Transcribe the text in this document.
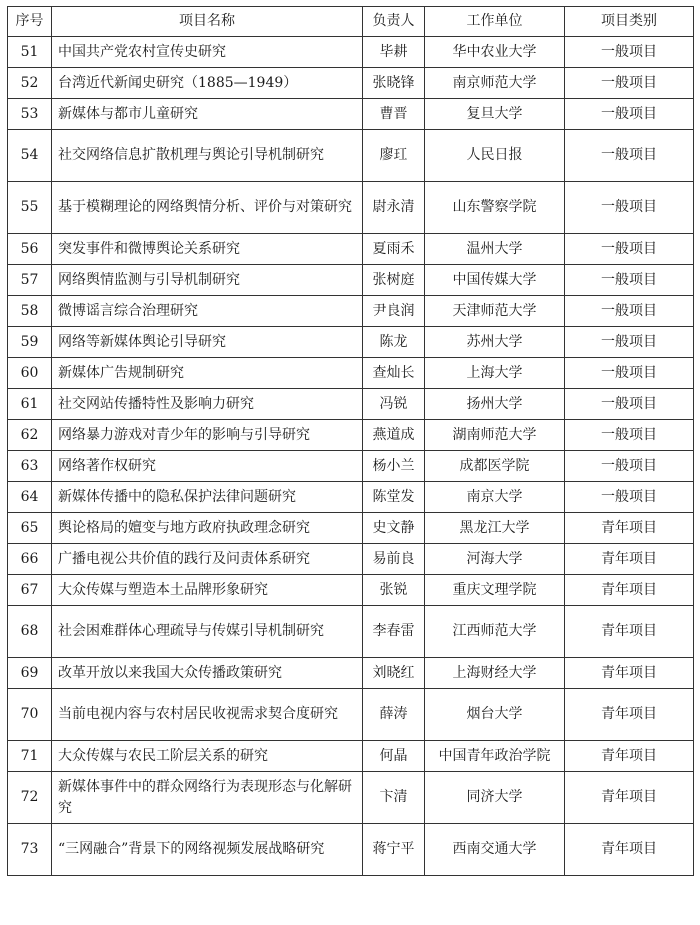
序号	项目名称	负责人	工作单位	项目类别
51	中国共产党农村宣传史研究	毕耕	华中农业大学	一般项目
52	台湾近代新闻史研究（1885—1949）	张晓锋	南京师范大学	一般项目
53	新媒体与都市儿童研究	曹晋	复旦大学	一般项目
54	社交网络信息扩散机理与舆论引导机制研究	廖玒	人民日报	一般项目
55	基于模糊理论的网络舆情分析、评价与对策研究	尉永清	山东警察学院	一般项目
56	突发事件和微博舆论关系研究	夏雨禾	温州大学	一般项目
57	网络舆情监测与引导机制研究	张树庭	中国传媒大学	一般项目
58	微博谣言综合治理研究	尹良润	天津师范大学	一般项目
59	网络等新媒体舆论引导研究	陈龙	苏州大学	一般项目
60	新媒体广告规制研究	查灿长	上海大学	一般项目
61	社交网站传播特性及影响力研究	冯锐	扬州大学	一般项目
62	网络暴力游戏对青少年的影响与引导研究	燕道成	湖南师范大学	一般项目
63	网络著作权研究	杨小兰	成都医学院	一般项目
64	新媒体传播中的隐私保护法律问题研究	陈堂发	南京大学	一般项目
65	舆论格局的嬗变与地方政府执政理念研究	史文静	黑龙江大学	青年项目
66	广播电视公共价值的践行及问责体系研究	易前良	河海大学	青年项目
67	大众传媒与塑造本土品牌形象研究	张锐	重庆文理学院	青年项目
68	社会困难群体心理疏导与传媒引导机制研究	李春雷	江西师范大学	青年项目
69	改革开放以来我国大众传播政策研究	刘晓红	上海财经大学	青年项目
70	当前电视内容与农村居民收视需求契合度研究	薛涛	烟台大学	青年项目
71	大众传媒与农民工阶层关系的研究	何晶	中国青年政治学院	青年项目
72	新媒体事件中的群众网络行为表现形态与化解研究	卞清	同济大学	青年项目
73	“三网融合”背景下的网络视频发展战略研究	蒋宁平	西南交通大学	青年项目
